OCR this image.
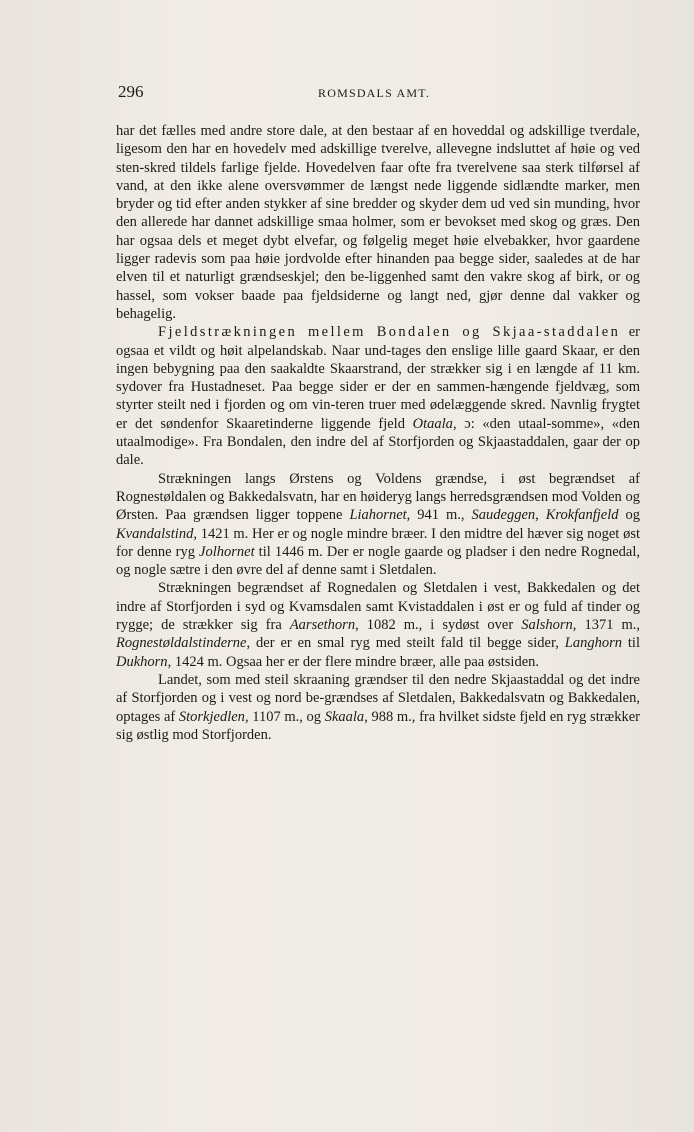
296	ROMSDALS AMT.

har det fælles med andre store dale, at den bestaar af en hoveddal og adskillige tverdale, ligesom den har en hovedelv med adskillige tverelve, allevegne indsluttet af høie og ved sten-skred tildels farlige fjelde. Hovedelven faar ofte fra tverelvene saa sterk tilførsel af vand, at den ikke alene oversvømmer de længst nede liggende sidlændte marker, men bryder og tid efter anden stykker af sine bredder og skyder dem ud ved sin munding, hvor den allerede har dannet adskillige smaa holmer, som er bevokset med skog og græs. Den har ogsaa dels et meget dybt elvefar, og følgelig meget høie elvebakker, hvor gaardene ligger radevis som paa høie jordvolde efter hinanden paa begge sider, saaledes at de har elven til et naturligt grændseskjel; den be-liggenhed samt den vakre skog af birk, or og hassel, som vokser baade paa fjeldsiderne og langt ned, gjør denne dal vakker og behagelig.

Fjeldstrækningen mellem Bondalen og Skjaa-staddalen er ogsaa et vildt og høit alpelandskab. Naar und-tages den enslige lille gaard Skaar, er den ingen bebygning paa den saakaldte Skaarstrand, der strækker sig i en længde af 11 km. sydover fra Hustadneset. Paa begge sider er der en sammen-hængende fjeldvæg, som styrter steilt ned i fjorden og om vin-teren truer med ødelæggende skred. Navnlig frygtet er det søndenfor Skaaretinderne liggende fjeld Otaala, ɔ: «den utaal-somme», «den utaalmodige». Fra Bondalen, den indre del af Storfjorden og Skjaastaddalen, gaar der op dale.

Strækningen langs Ørstens og Voldens grændse, i øst begrændset af Rognestøldalen og Bakkedalsvatn, har en høideryg langs herredsgrændsen mod Volden og Ørsten. Paa grændsen ligger toppene Liahornet, 941 m., Saudeggen, Krokfanfjeld og Kvandalstind, 1421 m. Her er og nogle mindre bræer. I den midtre del hæver sig noget øst for denne ryg Jolhornet til 1446 m. Der er nogle gaarde og pladser i den nedre Rognedal, og nogle sætre i den øvre del af denne samt i Sletdalen.

Strækningen begrændset af Rognedalen og Sletdalen i vest, Bakkedalen og det indre af Storfjorden i syd og Kvamsdalen samt Kvistaddalen i øst er og fuld af tinder og rygge; de strækker sig fra Aarsethorn, 1082 m., i sydøst over Salshorn, 1371 m., Rognestøldalstinderne, der er en smal ryg med steilt fald til begge sider, Langhorn til Dukhorn, 1424 m. Ogsaa her er der flere mindre bræer, alle paa østsiden.

Landet, som med steil skraaning grændser til den nedre Skjaastaddal og det indre af Storfjorden og i vest og nord be-grændses af Sletdalen, Bakkedalsvatn og Bakkedalen, optages af Storkjedlen, 1107 m., og Skaala, 988 m., fra hvilket sidste fjeld en ryg strækker sig østlig mod Storfjorden.
